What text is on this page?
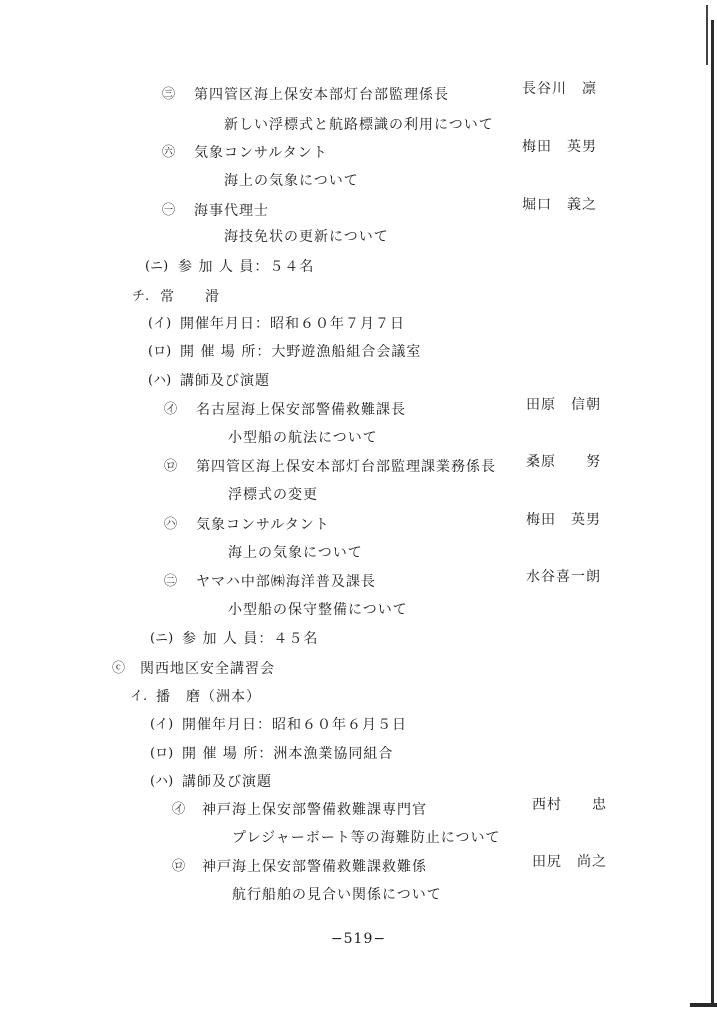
㊂ 第四管区海上保安本部灯台部監理係長	長谷川　凛
新しい浮標式と航路標識の利用について
㊅ 気象コンサルタント	梅田　英男
海上の気象について
㊀ 海事代理士	堀口　義之
海技免状の更新について
(ニ) 参 加 人 員：５４名
チ. 常　　滑
(イ) 開催年月日：昭和６０年７月７日
(ロ) 開 催 場 所：大野遊漁船組合会議室
(ハ) 講師及び演題
㋑ 名古屋海上保安部警備救難課長	田原　信朝
小型船の航法について
㋺ 第四管区海上保安本部灯台部監理課業務係長 桑原　　努
浮標式の変更
㋩ 気象コンサルタント	梅田　英男
海上の気象について
㊁ ヤマハ中部㈱海洋普及課長	水谷喜一朗
小型船の保守整備について
(ニ) 参 加 人 員：４５名
ⓒ 関西地区安全講習会
イ. 播　磨（洲本）
(イ) 開催年月日：昭和６０年６月５日
(ロ) 開 催 場 所：洲本漁業協同組合
(ハ) 講師及び演題
㋑ 神戸海上保安部警備救難課専門官	西村　　忠
プレジャーボート等の海難防止について
㋺ 神戸海上保安部警備救難課救難係	田尻　尚之
航行船舶の見合い関係について
−519−
